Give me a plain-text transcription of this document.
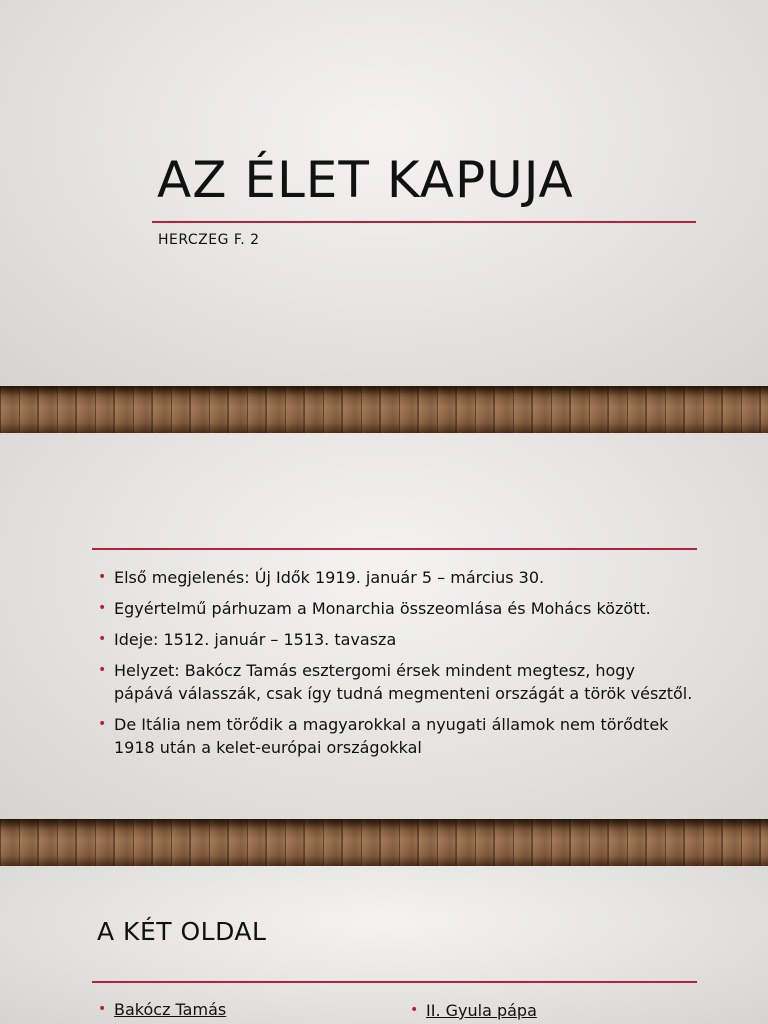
AZ ÉLET KAPUJA

HERCZEG F. 2

• Első megjelenés: Új Idők 1919. január 5 – március 30.
• Egyértelmű párhuzam a Monarchia összeomlása és Mohács között.
• Ideje: 1512. január – 1513. tavasza
• Helyzet: Bakócz Tamás esztergomi érsek mindent megtesz, hogy pápává válasszák, csak így tudná megmenteni országát a török vésztől.
• De Itália nem törődik a magyarokkal a nyugati államok nem törődtek 1918 után a kelet-európai országokkal
A KÉT OLDAL
• Bakócz Tamás
•	II. Gyula pápa
